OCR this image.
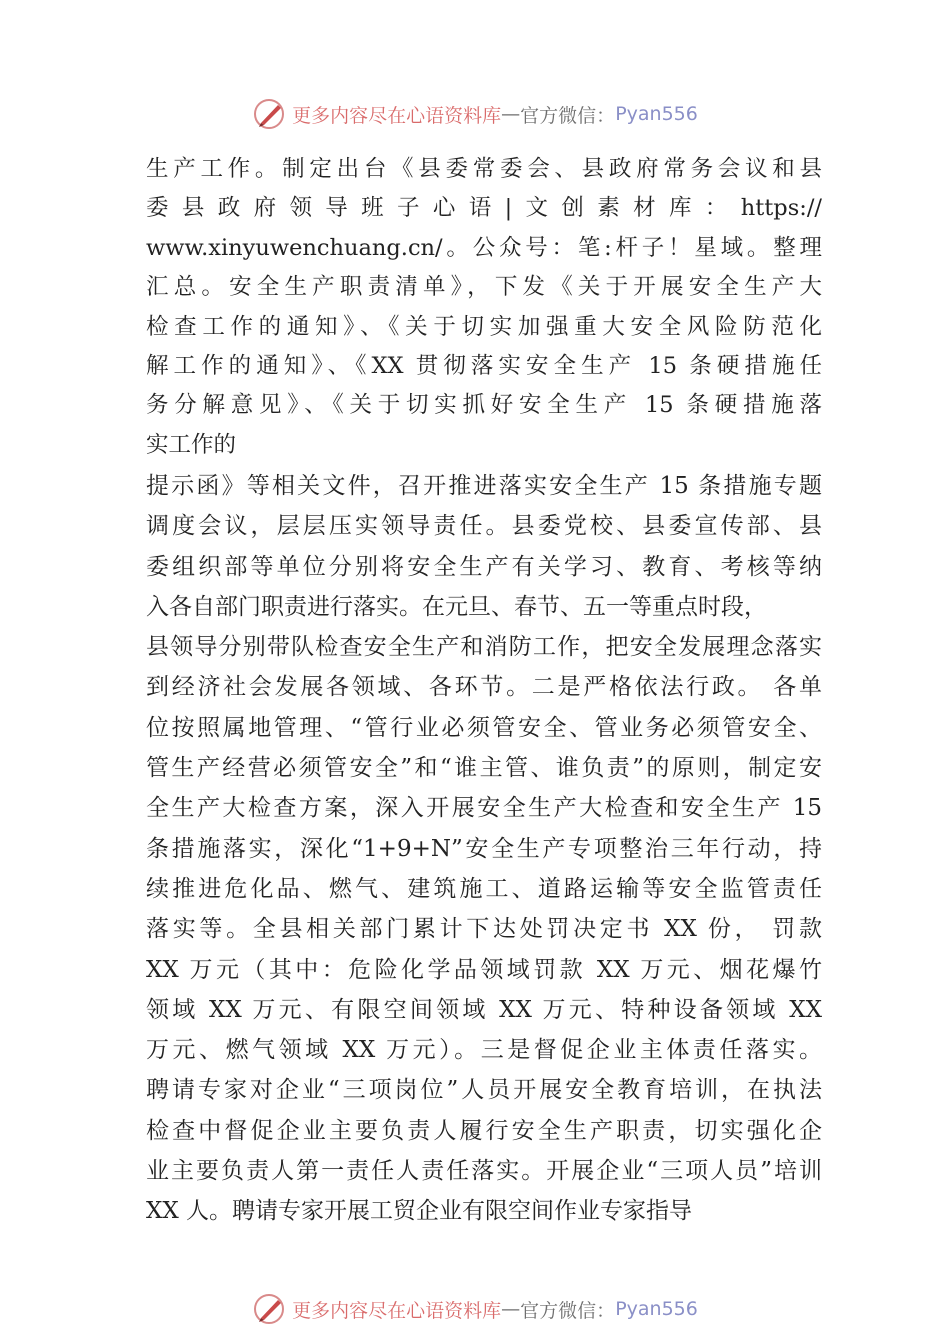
更多内容尽在心语资料库 — 官方微信： Pyan556
生产工作。制定出台《县委常委会、县政府常务会议和县
委县政府领导班子心语|文创素材库：https://
www.xinyuwenchuang.cn/。公众号：笔:杆子！星域。整理
汇总。安全生产职责清单》，下发《关于开展安全生产大
检查工作的通知》、《关于切实加强重大安全风险防范化
解工作的通知》、《XX 贯彻落实安全生产 15 条硬措施任
务分解意见》、《关于切实抓好安全生产 15 条硬措施落
实工作的
提示函》等相关文件，召开推进落实安全生产 15 条措施专题
调度会议，层层压实领导责任。县委党校、县委宣传部、县
委组织部等单位分别将安全生产有关学习、教育、考核等纳
入各自部门职责进行落实。在元旦、春节、五一等重点时段，
县领导分别带队检查安全生产和消防工作，把安全发展理念落实
到经济社会发展各领域、各环节。二是严格依法行政。 各单
位按照属地管理、“管行业必须管安全、管业务必须管安全、
管生产经营必须管安全”和“谁主管、谁负责”的原则，制定安
全生产大检查方案，深入开展安全生产大检查和安全生产 15
条措施落实，深化“1+9+N”安全生产专项整治三年行动，持
续推进危化品、燃气、建筑施工、道路运输等安全监管责任
落实等。全县相关部门累计下达处罚决定书 XX 份， 罚款
XX 万元（其中：危险化学品领域罚款 XX 万元、烟花爆竹
领域 XX 万元、有限空间领域 XX 万元、特种设备领域 XX
万元、燃气领域 XX 万元）。三是督促企业主体责任落实。
聘请专家对企业“三项岗位”人员开展安全教育培训，在执法
检查中督促企业主要负责人履行安全生产职责，切实强化企
业主要负责人第一责任人责任落实。开展企业“三项人员”培训
XX 人。聘请专家开展工贸企业有限空间作业专家指导
更多内容尽在心语资料库 — 官方微信： Pyan556
